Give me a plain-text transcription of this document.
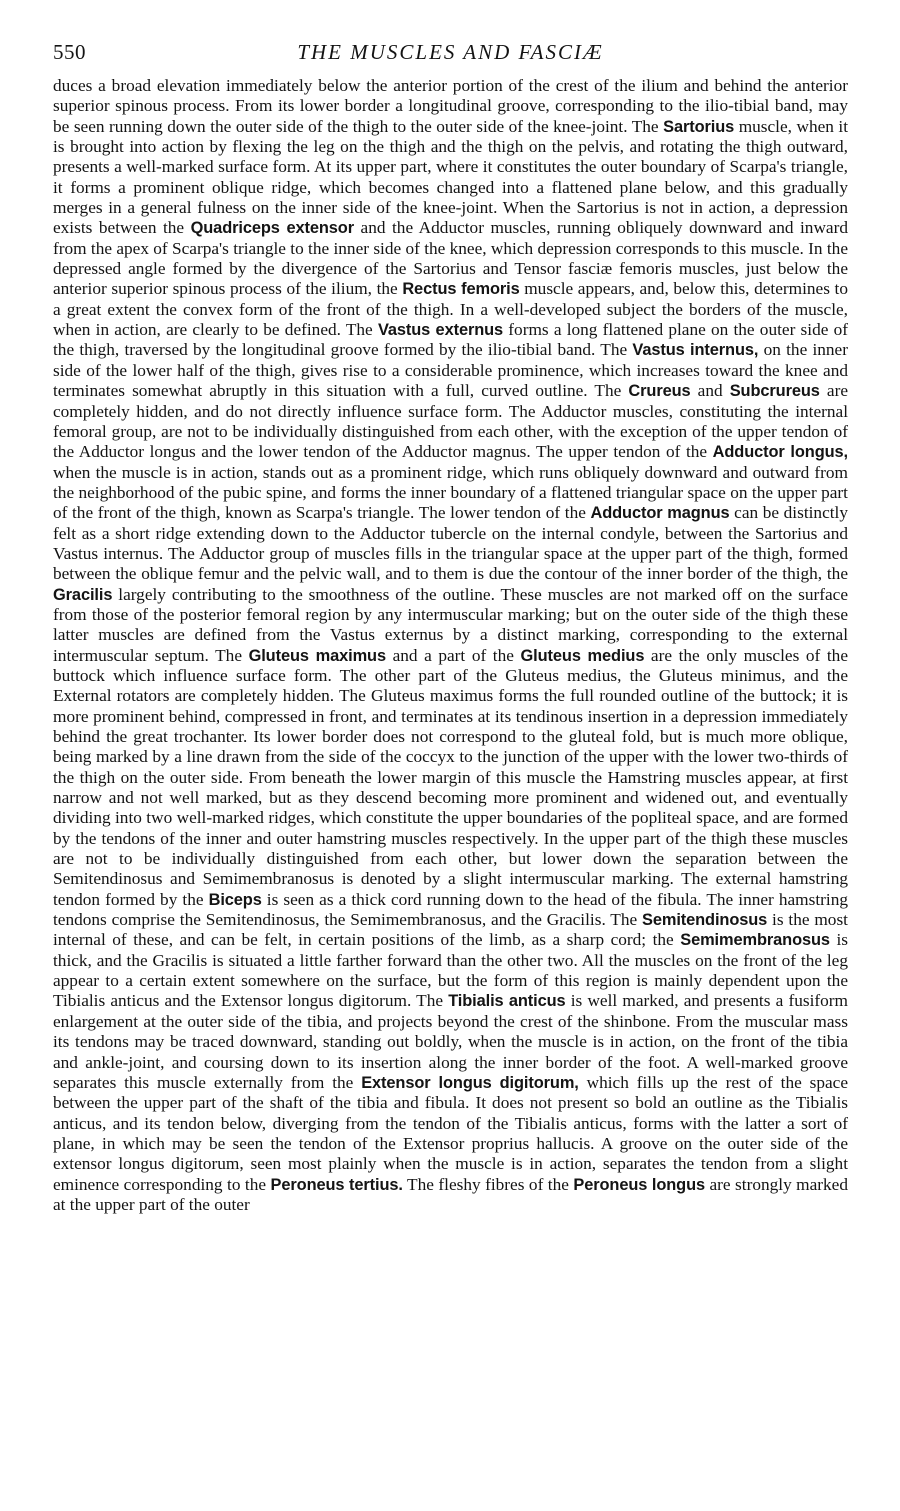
550	THE MUSCLES AND FASCIÆ

duces a broad elevation immediately below the anterior portion of the crest of the ilium and behind the anterior superior spinous process. From its lower border a longitudinal groove, corresponding to the ilio-tibial band, may be seen running down the outer side of the thigh to the outer side of the knee-joint. The Sartorius muscle, when it is brought into action by flexing the leg on the thigh and the thigh on the pelvis, and rotating the thigh outward, presents a well-marked surface form. At its upper part, where it constitutes the outer boundary of Scarpa's triangle, it forms a prominent oblique ridge, which becomes changed into a flattened plane below, and this gradually merges in a general fulness on the inner side of the knee-joint. When the Sartorius is not in action, a depression exists between the Quadriceps extensor and the Adductor muscles, running obliquely downward and inward from the apex of Scarpa's triangle to the inner side of the knee, which depression corresponds to this muscle. In the depressed angle formed by the divergence of the Sartorius and Tensor fasciæ femoris muscles, just below the anterior superior spinous process of the ilium, the Rectus femoris muscle appears, and, below this, determines to a great extent the convex form of the front of the thigh. In a well-developed subject the borders of the muscle, when in action, are clearly to be defined. The Vastus externus forms a long flattened plane on the outer side of the thigh, traversed by the longitudinal groove formed by the ilio-tibial band. The Vastus internus, on the inner side of the lower half of the thigh, gives rise to a considerable prominence, which increases toward the knee and terminates somewhat abruptly in this situation with a full, curved outline. The Crureus and Subcrureus are completely hidden, and do not directly influence surface form. The Adductor muscles, constituting the internal femoral group, are not to be individually distinguished from each other, with the exception of the upper tendon of the Adductor longus and the lower tendon of the Adductor magnus. The upper tendon of the Adductor longus, when the muscle is in action, stands out as a prominent ridge, which runs obliquely downward and outward from the neighborhood of the pubic spine, and forms the inner boundary of a flattened triangular space on the upper part of the front of the thigh, known as Scarpa's triangle. The lower tendon of the Adductor magnus can be distinctly felt as a short ridge extending down to the Adductor tubercle on the internal condyle, between the Sartorius and Vastus internus. The Adductor group of muscles fills in the triangular space at the upper part of the thigh, formed between the oblique femur and the pelvic wall, and to them is due the contour of the inner border of the thigh, the Gracilis largely contributing to the smoothness of the outline. These muscles are not marked off on the surface from those of the posterior femoral region by any intermuscular marking; but on the outer side of the thigh these latter muscles are defined from the Vastus externus by a distinct marking, corresponding to the external intermuscular septum. The Gluteus maximus and a part of the Gluteus medius are the only muscles of the buttock which influence surface form. The other part of the Gluteus medius, the Gluteus minimus, and the External rotators are completely hidden. The Gluteus maximus forms the full rounded outline of the buttock; it is more prominent behind, compressed in front, and terminates at its tendinous insertion in a depression immediately behind the great trochanter. Its lower border does not correspond to the gluteal fold, but is much more oblique, being marked by a line drawn from the side of the coccyx to the junction of the upper with the lower two-thirds of the thigh on the outer side. From beneath the lower margin of this muscle the Hamstring muscles appear, at first narrow and not well marked, but as they descend becoming more prominent and widened out, and eventually dividing into two well-marked ridges, which constitute the upper boundaries of the popliteal space, and are formed by the tendons of the inner and outer hamstring muscles respectively. In the upper part of the thigh these muscles are not to be individually distinguished from each other, but lower down the separation between the Semitendinosus and Semimembranosus is denoted by a slight intermuscular marking. The external hamstring tendon formed by the Biceps is seen as a thick cord running down to the head of the fibula. The inner hamstring tendons comprise the Semitendinosus, the Semimembranosus, and the Gracilis. The Semitendinosus is the most internal of these, and can be felt, in certain positions of the limb, as a sharp cord; the Semimembranosus is thick, and the Gracilis is situated a little farther forward than the other two. All the muscles on the front of the leg appear to a certain extent somewhere on the surface, but the form of this region is mainly dependent upon the Tibialis anticus and the Extensor longus digitorum. The Tibialis anticus is well marked, and presents a fusiform enlargement at the outer side of the tibia, and projects beyond the crest of the shinbone. From the muscular mass its tendons may be traced downward, standing out boldly, when the muscle is in action, on the front of the tibia and ankle-joint, and coursing down to its insertion along the inner border of the foot. A well-marked groove separates this muscle externally from the Extensor longus digitorum, which fills up the rest of the space between the upper part of the shaft of the tibia and fibula. It does not present so bold an outline as the Tibialis anticus, and its tendon below, diverging from the tendon of the Tibialis anticus, forms with the latter a sort of plane, in which may be seen the tendon of the Extensor proprius hallucis. A groove on the outer side of the extensor longus digitorum, seen most plainly when the muscle is in action, separates the tendon from a slight eminence corresponding to the Peroneus tertius. The fleshy fibres of the Peroneus longus are strongly marked at the upper part of the outer
